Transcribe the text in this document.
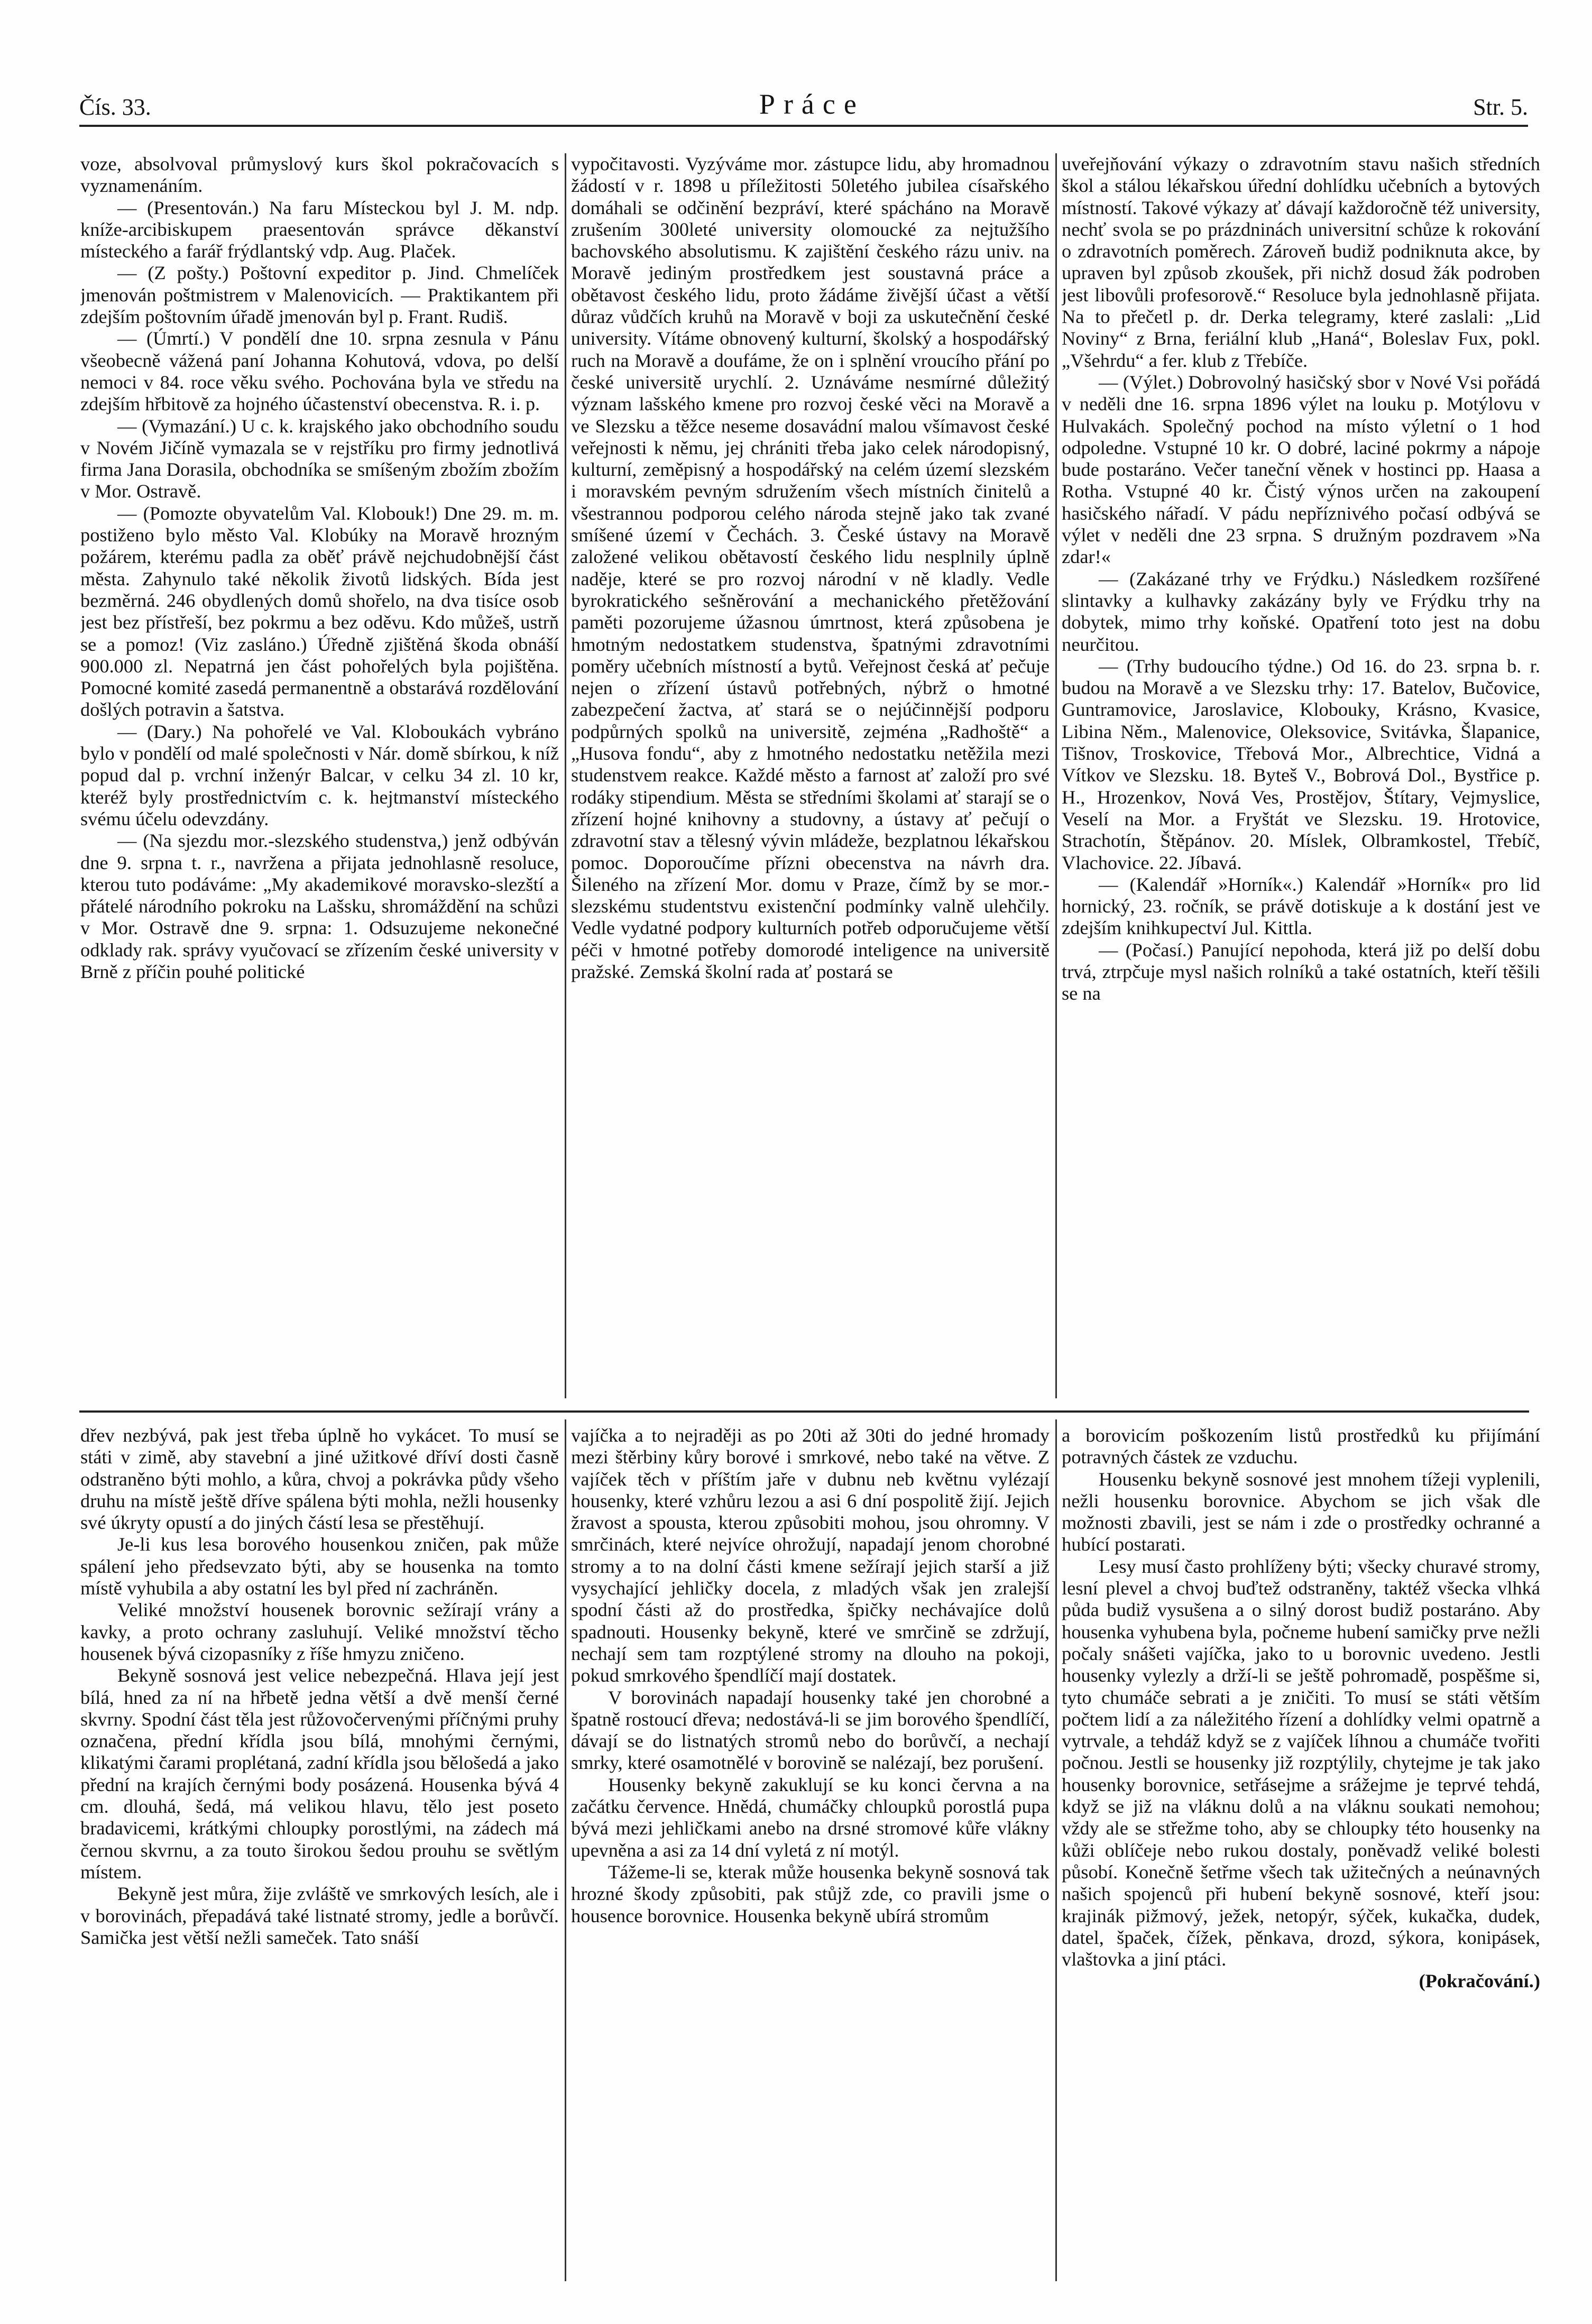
Čís. 33.	Práce	Str. 5.

voze, absolvoval průmyslový kurs škol pokračovacích s vyznamenáním.

— (Presentován.) Na faru Místeckou byl J. M. ndp. kníže-arcibiskupem praesentován správce děkanství místeckého a farář frýdlantský vdp. Aug. Plaček.

— (Z pošty.) Poštovní expeditor p. Jind. Chmelíček jmenován poštmistrem v Malenovicích. — Praktikantem při zdejším poštovním úřadě jmenován byl p. Frant. Rudiš.

— (Úmrtí.) V pondělí dne 10. srpna zesnula v Pánu všeobecně vážená paní Johanna Kohutová, vdova, po delší nemoci v 84. roce věku svého. Pochována byla ve středu na zdejším hřbitově za hojného účastenství obecenstva. R. i. p.

— (Vymazání.) U c. k. krajského jako obchodního soudu v Novém Jičíně vymazala se v rejstříku pro firmy jednotlivá firma Jana Dorasila, obchodníka se smíšeným zbožím zbožím v Mor. Ostravě.

— (Pomozte obyvatelům Val. Klobouk!) Dne 29. m. m. postiženo bylo město Val. Klobúky na Moravě hrozným požárem, kterému padla za oběť právě nejchudobnější část města. Zahynulo také několik životů lidských. Bída jest bezměrná. 246 obydlených domů shořelo, na dva tisíce osob jest bez přístřeší, bez pokrmu a bez oděvu. Kdo můžeš, ustrň se a pomoz! (Viz zasláno.) Úředně zjištěná škoda obnáší 900.000 zl. Nepatrná jen část pohořelých byla pojištěna. Pomocné komité zasedá permanentně a obstarává rozdělování došlých potravin a šatstva.

— (Dary.) Na pohořelé ve Val. Kloboukách vybráno bylo v pondělí od malé společnosti v Nár. domě sbírkou, k níž popud dal p. vrchní inženýr Balcar, v celku 34 zl. 10 kr, kteréž byly prostřednictvím c. k. hejtmanství místeckého svému účelu odevzdány.

— (Na sjezdu mor.-slezského studenstva,) jenž odbýván dne 9. srpna t. r., navržena a přijata jednohlasně resoluce, kterou tuto podáváme: „My akademikové moravsko-slezští a přátelé národního pokroku na Lašsku, shromáždění na schůzi v Mor. Ostravě dne 9. srpna: 1. Odsuzujeme nekonečné odklady rak. správy vyučovací se zřízením české university v Brně z příčin pouhé politické

vypočitavosti. Vyzýváme mor. zástupce lidu, aby hromadnou žádostí v r. 1898 u příležitosti 50letého jubilea císařského domáhali se odčinění bezpráví, které spácháno na Moravě zrušením 300leté university olomoucké za nejtužšího bachovského absolutismu. K zajištění českého rázu univ. na Moravě jediným prostředkem jest soustavná práce a obětavost českého lidu, proto žádáme živější účast a větší důraz vůdčích kruhů na Moravě v boji za uskutečnění české university. Vítáme obnovený kulturní, školský a hospodářský ruch na Moravě a doufáme, že on i splnění vroucího přání po české universitě urychlí. 2. Uznáváme nesmírné důležitý význam lašského kmene pro rozvoj české věci na Moravě a ve Slezsku a těžce neseme dosavádní malou všímavost české veřejnosti k němu, jej chrániti třeba jako celek národopisný, kulturní, zeměpisný a hospodářský na celém území slezském i moravském pevným sdružením všech místních činitelů a všestrannou podporou celého národa stejně jako tak zvané smíšené území v Čechách. 3. České ústavy na Moravě založené velikou obětavostí českého lidu nesplnily úplně naděje, které se pro rozvoj národní v ně kladly. Vedle byrokratického sešněrování a mechanického přetěžování paměti pozorujeme úžasnou úmrtnost, která způsobena je hmotným nedostatkem studenstva, špatnými zdravotními poměry učebních místností a bytů. Veřejnost česká ať pečuje nejen o zřízení ústavů potřebných, nýbrž o hmotné zabezpečení žactva, ať stará se o nejúčinnější podporu podpůrných spolků na universitě, zejména „Radhoště“ a „Husova fondu“, aby z hmotného nedostatku netěžila mezi studenstvem reakce. Každé město a farnost ať založí pro své rodáky stipendium. Města se středními školami ať starají se o zřízení hojné knihovny a studovny, a ústavy ať pečují o zdravotní stav a tělesný vývin mládeže, bezplatnou lékařskou pomoc. Doporoučíme přízni obecenstva na návrh dra. Šileného na zřízení Mor. domu v Praze, čímž by se mor.-slezskému studentstvu existenční podmínky valně ulehčily. Vedle vydatné podpory kulturních potřeb odporučujeme větší péči v hmotné potřeby domorodé inteligence na universitě pražské. Zemská školní rada ať postará se

uveřejňování výkazy o zdravotním stavu našich středních škol a stálou lékařskou úřední dohlídku učebních a bytových místností. Takové výkazy ať dávají každoročně též university, nechť svola se po prázdninách universitní schůze k rokování o zdravotních poměrech. Zároveň budiž podniknuta akce, by upraven byl způsob zkoušek, při nichž dosud žák podroben jest libovůli profesorově.“ Resoluce byla jednohlasně přijata. Na to přečetl p. dr. Derka telegramy, které zaslali: „Lid Noviny“ z Brna, feriální klub „Haná“, Boleslav Fux, pokl. „Všehrdu“ a fer. klub z Třebíče.

— (Výlet.) Dobrovolný hasičský sbor v Nové Vsi pořádá v neděli dne 16. srpna 1896 výlet na louku p. Motýlovu v Hulvakách. Společný pochod na místo výletní o 1 hod odpoledne. Vstupné 10 kr. O dobré, laciné pokrmy a nápoje bude postaráno. Večer taneční věnek v hostinci pp. Haasa a Rotha. Vstupné 40 kr. Čistý výnos určen na zakoupení hasičského nářadí. V pádu nepříznivého počasí odbývá se výlet v neděli dne 23 srpna. S družným pozdravem »Na zdar!«

— (Zakázané trhy ve Frýdku.) Následkem rozšířené slintavky a kulhavky zakázány byly ve Frýdku trhy na dobytek, mimo trhy koňské. Opatření toto jest na dobu neurčitou.

— (Trhy budoucího týdne.) Od 16. do 23. srpna b. r. budou na Moravě a ve Slezsku trhy: 17. Batelov, Bučovice, Guntramovice, Jaroslavice, Klobouky, Krásno, Kvasice, Libina Něm., Malenovice, Oleksovice, Svitávka, Šlapanice, Tišnov, Troskovice, Třebová Mor., Albrechtice, Vidná a Vítkov ve Slezsku. 18. Byteš V., Bobrová Dol., Bystřice p. H., Hrozenkov, Nová Ves, Prostějov, Štítary, Vejmyslice, Veselí na Mor. a Fryštát ve Slezsku. 19. Hrotovice, Strachotín, Štěpánov. 20. Míslek, Olbramkostel, Třebíč, Vlachovice. 22. Jíbavá.

— (Kalendář »Horník«.) Kalendář »Horník« pro lid hornický, 23. ročník, se právě dotiskuje a k dostání jest ve zdejším knihkupectví Jul. Kittla.

— (Počasí.) Panující nepohoda, která již po delší dobu trvá, ztrpčuje mysl našich rolníků a také ostatních, kteří těšili se na

dřev nezbývá, pak jest třeba úplně ho vykácet. To musí se státi v zimě, aby stavební a jiné užitkové dříví dosti časně odstraněno býti mohlo, a kůra, chvoj a pokrávka půdy všeho druhu na místě ještě dříve spálena býti mohla, nežli housenky své úkryty opustí a do jiných částí lesa se přestěhují.

Je-li kus lesa borového housenkou zničen, pak může spálení jeho předsevzato býti, aby se housenka na tomto místě vyhubila a aby ostatní les byl před ní zachráněn.

Veliké množství housenek borovnic sežírají vrány a kavky, a proto ochrany zasluhují. Veliké množství těcho housenek bývá cizopasníky z říše hmyzu zničeno.

Bekyně sosnová jest velice nebezpečná. Hlava její jest bílá, hned za ní na hřbetě jedna větší a dvě menší černé skvrny. Spodní část těla jest růžovočervenými příčnými pruhy označena, přední křídla jsou bílá, mnohými černými, klikatými čarami proplétaná, zadní křídla jsou bělošedá a jako přední na krajích černými body posázená. Housenka bývá 4 cm. dlouhá, šedá, má velikou hlavu, tělo jest poseto bradavicemi, krátkými chloupky porostlými, na zádech má černou skvrnu, a za touto širokou šedou prouhu se světlým místem.

Bekyně jest můra, žije zvláště ve smrkových lesích, ale i v borovinách, přepadává také listnaté stromy, jedle a borůvčí. Samička jest větší nežli sameček. Tato snáší

vajíčka a to nejraději as po 20ti až 30ti do jedné hromady mezi štěrbiny kůry borové i smrkové, nebo také na větve. Z vajíček těch v příštím jaře v dubnu neb květnu vylézají housenky, které vzhůru lezou a asi 6 dní pospolitě žijí. Jejich žravost a spousta, kterou způsobiti mohou, jsou ohromny. V smrčinách, které nejvíce ohrožují, napadají jenom chorobné stromy a to na dolní části kmene sežírají jejich starší a již vysychající jehličky docela, z mladých však jen zralejší spodní části až do prostředka, špičky nechávajíce dolů spadnouti. Housenky bekyně, které ve smrčině se zdržují, nechají sem tam rozptýlené stromy na dlouho na pokoji, pokud smrkového špendlíčí mají dostatek.

V borovinách napadají housenky také jen chorobné a špatně rostoucí dřeva; nedostává-li se jim borového špendlíčí, dávají se do listnatých stromů nebo do borůvčí, a nechají smrky, které osamotnělé v borovině se nalézají, bez porušení.

Housenky bekyně zakuklují se ku konci června a na začátku července. Hnědá, chumáčky chloupků porostlá pupa bývá mezi jehličkami anebo na drsné stromové kůře vlákny upevněna a asi za 14 dní vyletá z ní motýl.

Tážeme-li se, kterak může housenka bekyně sosnová tak hrozné škody způsobiti, pak stůjž zde, co pravili jsme o housence borovnice. Housenka bekyně ubírá stromům

a borovicím poškozením listů prostředků ku přijímání potravných částek ze vzduchu.

Housenku bekyně sosnové jest mnohem tížeji vyplenili, nežli housenku borovnice. Abychom se jich však dle možnosti zbavili, jest se nám i zde o prostředky ochranné a hubící postarati.

Lesy musí často prohlíženy býti; všecky churavé stromy, lesní plevel a chvoj buďtež odstraněny, taktéž všecka vlhká půda budiž vysušena a o silný dorost budiž postaráno. Aby housenka vyhubena byla, počneme hubení samičky prve nežli počaly snášeti vajíčka, jako to u borovnic uvedeno. Jestli housenky vylezly a drží-li se ještě pohromadě, pospěšme si, tyto chumáče sebrati a je zničiti. To musí se státi větším počtem lidí a za náležitého řízení a dohlídky velmi opatrně a vytrvale, a tehdáž když se z vajíček líhnou a chumáče tvořiti počnou. Jestli se housenky již rozptýlily, chytejme je tak jako housenky borovnice, setřásejme a srážejme je teprvé tehdá, když se již na vláknu dolů a na vláknu soukati nemohou; vždy ale se střežme toho, aby se chloupky této housenky na kůži oblíčeje nebo rukou dostaly, poněvadž veliké bolesti působí. Konečně šetřme všech tak užitečných a neúnavných našich spojenců při hubení bekyně sosnové, kteří jsou: krajinák pižmový, ježek, netopýr, sýček, kukačka, dudek, datel, špaček, čížek, pěnkava, drozd, sýkora, konipásek, vlaštovka a jiní ptáci.

(Pokračování.)
